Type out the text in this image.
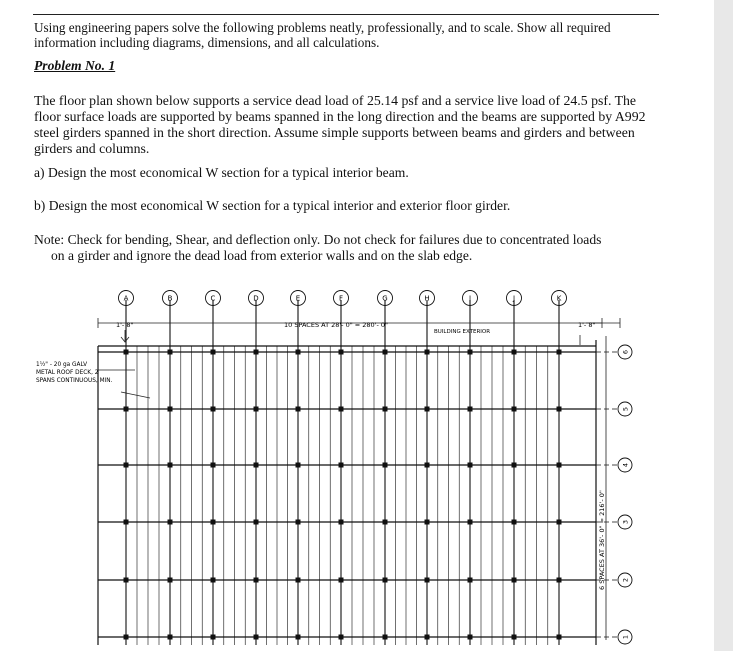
Using engineering papers solve the following problems neatly, professionally, and to scale. Show all required information including diagrams, dimensions, and all calculations.

Problem No. 1

The floor plan shown below supports a service dead load of 25.14 psf and a service live load of 24.5 psf. The floor surface loads are supported by beams spanned in the long direction and the beams are supported by A992 steel girders spanned in the short direction. Assume simple supports between beams and girders and between girders and columns.

a) Design the most economical W section for a typical interior beam.

b) Design the most economical W section for a typical interior and exterior floor girder.

Note: Check for bending, Shear, and deflection only. Do not check for failures due to concentrated loads
on a girder and ignore the dead load from exterior walls and on the slab edge.

A	B	C	D	E	F	G	H	I	J	K
6
5
4
3
2
1
1'- 8"	1'- 8"
10 SPACES AT 28'- 0" = 280'- 0"
BUILDING EXTERIOR
1½" - 20 ga GALV
METAL ROOF DECK, 2
SPANS CONTINUOUS, MIN.
6 SPACES AT 36'- 0" = 216'- 0"
